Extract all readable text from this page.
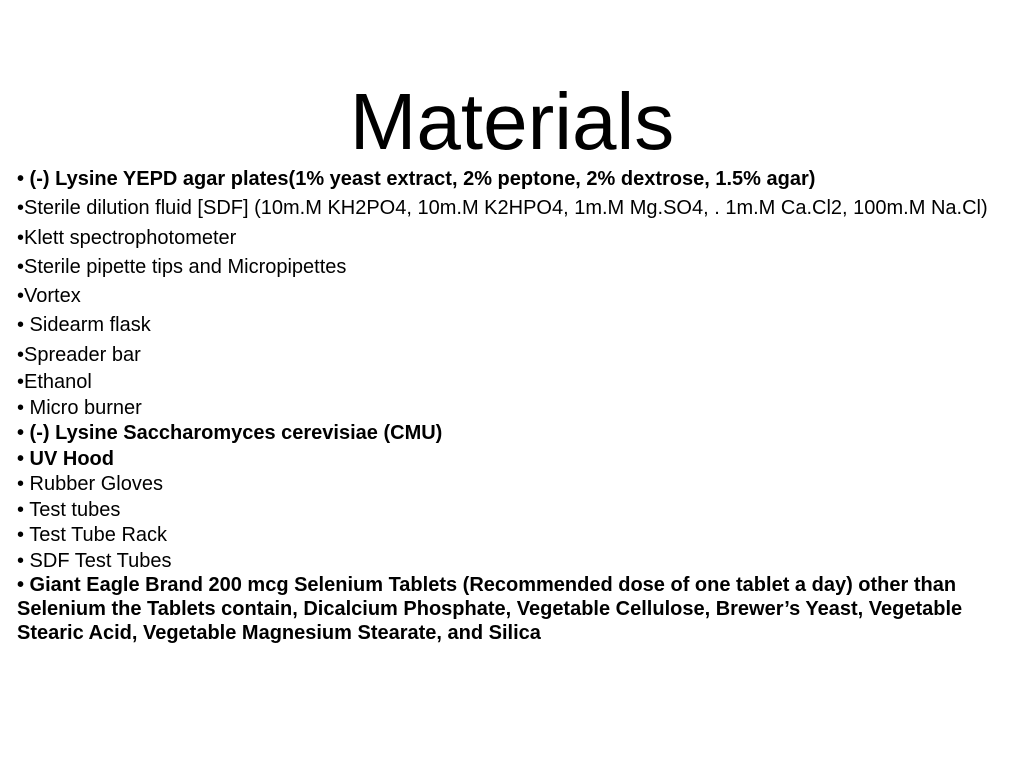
Materials
• (-) Lysine YEPD agar plates(1% yeast extract, 2% peptone, 2% dextrose, 1.5% agar)
•Sterile dilution fluid [SDF] (10m.M KH2PO4, 10m.M K2HPO4, 1m.M Mg.SO4, . 1m.M Ca.Cl2, 100m.M Na.Cl)
•Klett spectrophotometer
•Sterile pipette tips and Micropipettes
•Vortex
• Sidearm flask
•Spreader bar
•Ethanol
• Micro burner
• (-) Lysine Saccharomyces cerevisiae (CMU)
• UV Hood
• Rubber Gloves
• Test tubes
• Test Tube Rack
• SDF Test Tubes
• Giant Eagle Brand 200 mcg Selenium Tablets (Recommended dose of one tablet a day) other than Selenium the Tablets contain, Dicalcium Phosphate, Vegetable Cellulose, Brewer’s Yeast, Vegetable Stearic Acid, Vegetable Magnesium Stearate, and Silica
